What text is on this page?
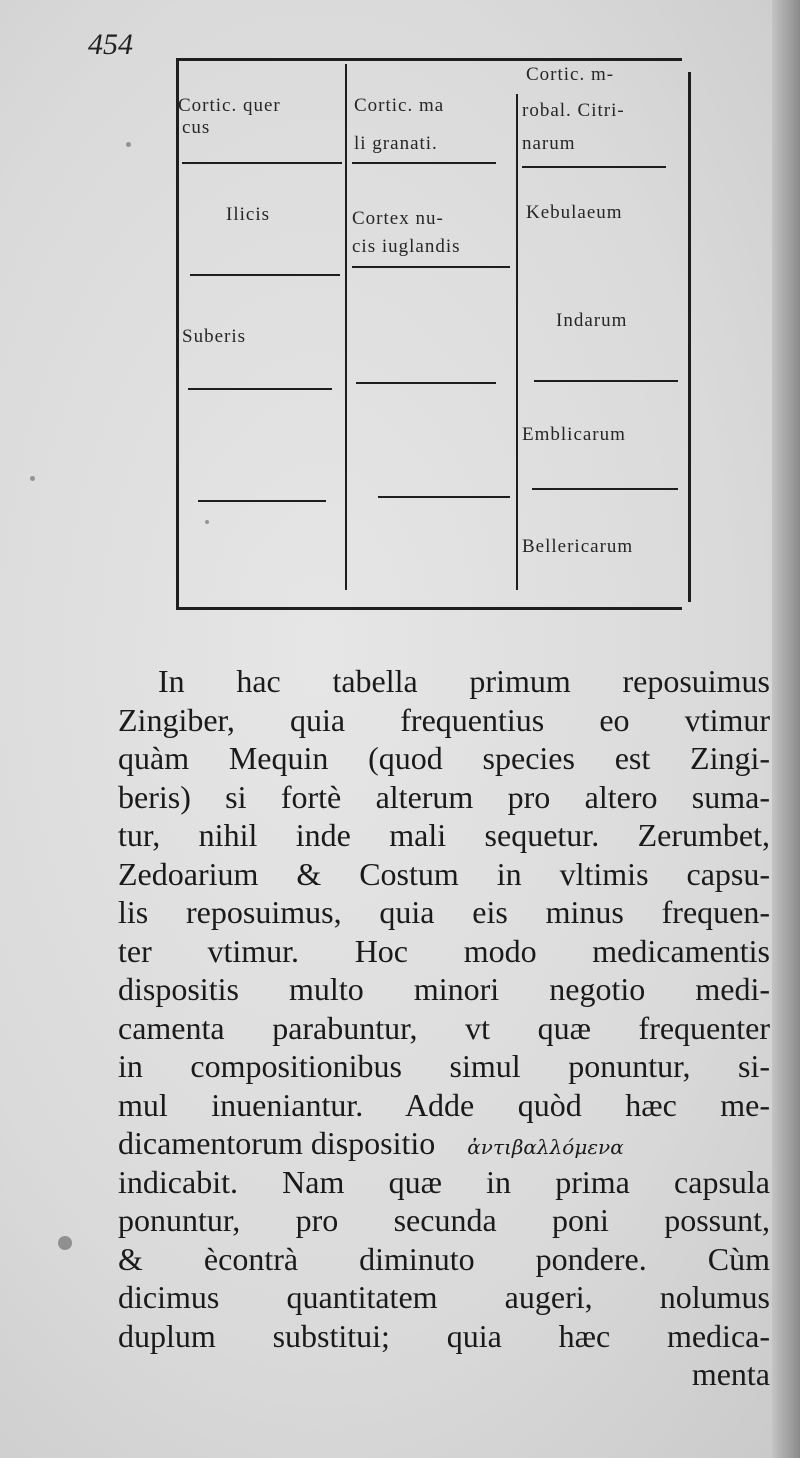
454
Cortic. quer
cus
Ilicis
Suberis
Cortic. ma
li granati.
Cortex nu-
cis iuglandis
Cortic. m-
robal. Citri-
narum
Kebulaeum
Indarum
Emblicarum
Bellericarum
In hac tabella primum reposuimus
Zingiber, quia frequentius eo vtimur
quàm Mequin (quod species est Zingi-
beris) si fortè alterum pro altero suma-
tur, nihil inde mali sequetur. Zerumbet,
Zedoarium & Costum in vltimis capsu-
lis reposuimus, quia eis minus frequen-
ter vtimur. Hoc modo medicamentis
dispositis multo minori negotio medi-
camenta parabuntur, vt quæ frequenter
in compositionibus simul ponuntur, si-
mul inueniantur. Adde quòd hæc me-
dicamentorum dispositio ἀντιβαλλόμενα
indicabit. Nam quæ in prima capsula
ponuntur, pro secunda poni possunt,
& ècontrà diminuto pondere. Cùm
dicimus quantitatem augeri, nolumus
duplum substitui; quia hæc medica-
menta
